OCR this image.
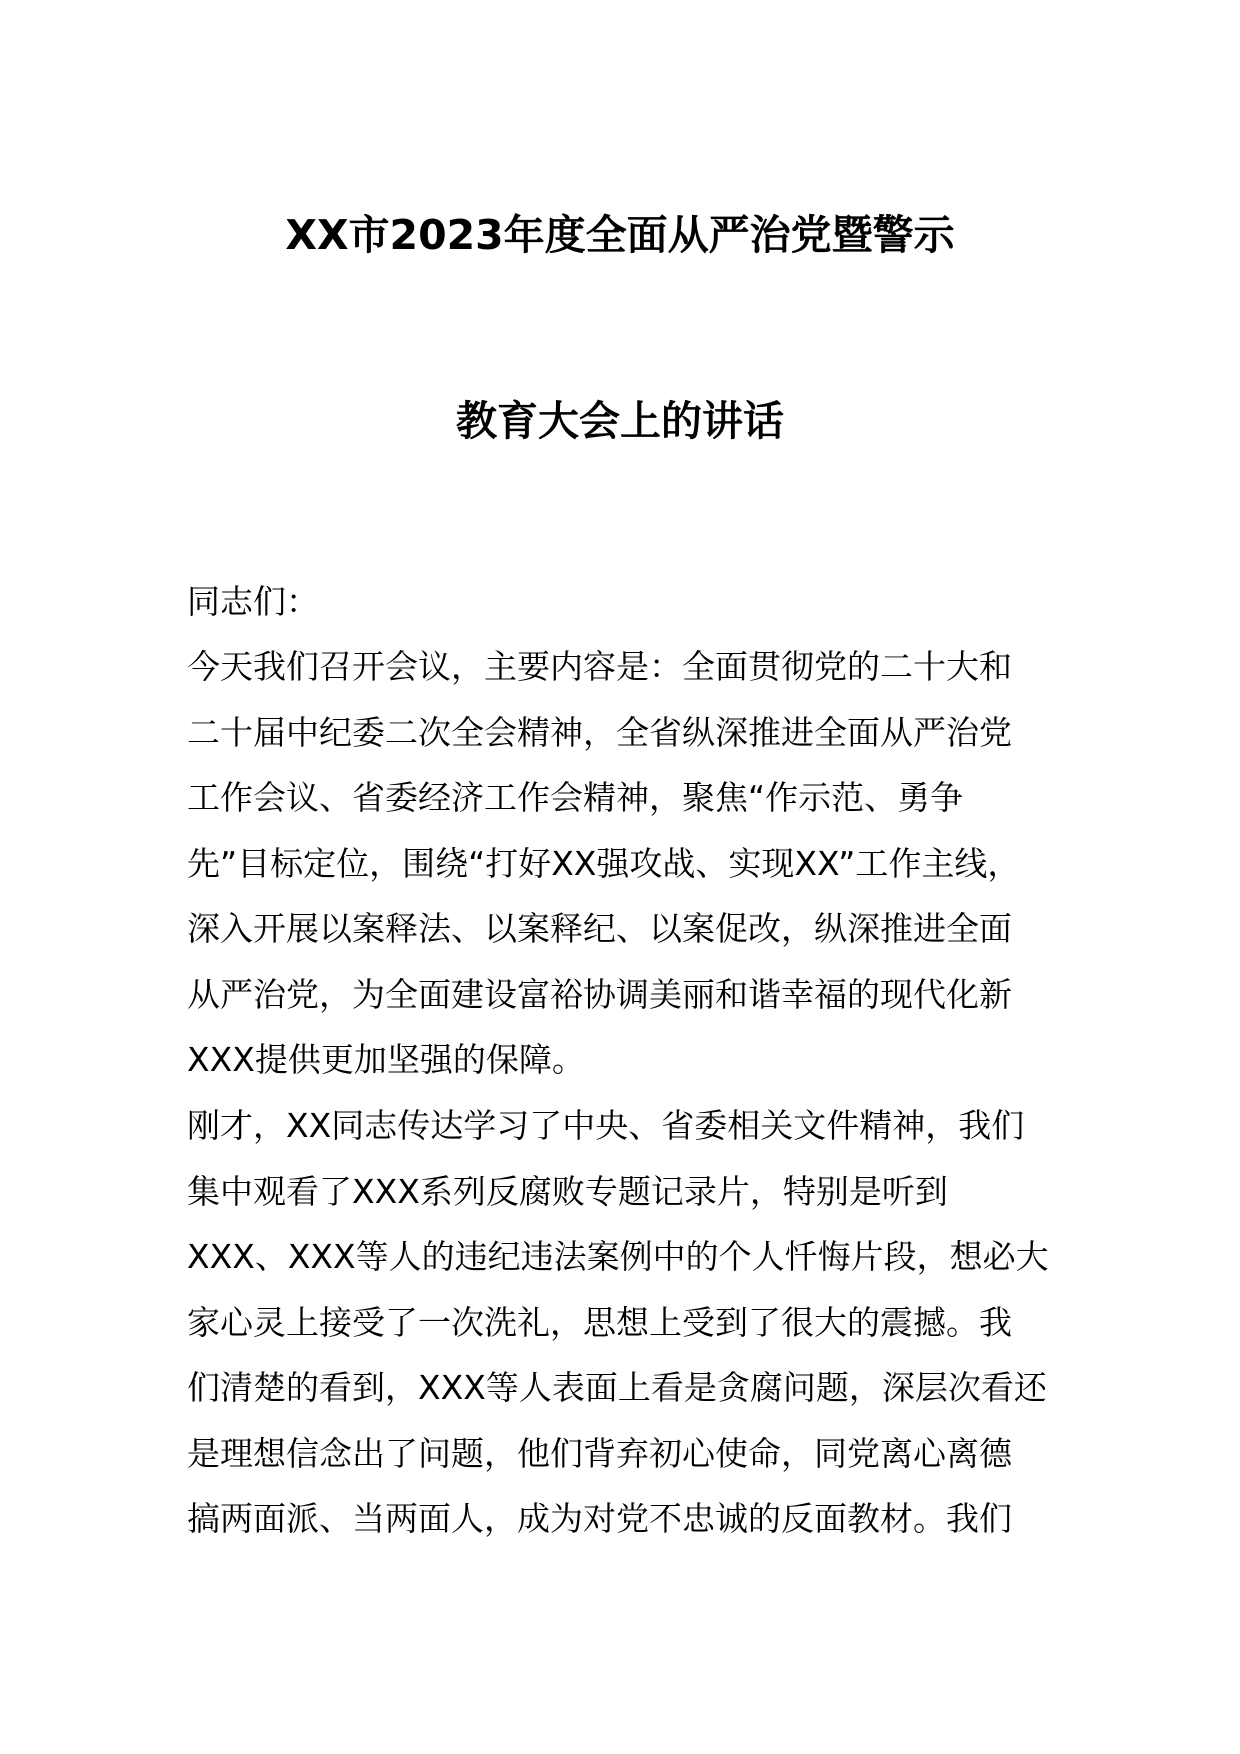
XX市2023年度全面从严治党暨警示
教育大会上的讲话
同志们：
今天我们召开会议，主要内容是：全面贯彻党的二十大和
二十届中纪委二次全会精神，全省纵深推进全面从严治党
工作会议、省委经济工作会精神，聚焦“作示范、勇争
先”目标定位，围绕“打好XX强攻战、实现XX”工作主线，
深入开展以案释法、以案释纪、以案促改，纵深推进全面
从严治党，为全面建设富裕协调美丽和谐幸福的现代化新
XXX提供更加坚强的保障。
刚才，XX同志传达学习了中央、省委相关文件精神，我们
集中观看了XXX系列反腐败专题记录片，特别是听到
XXX、XXX等人的违纪违法案例中的个人忏悔片段，想必大
家心灵上接受了一次洗礼，思想上受到了很大的震撼。我
们清楚的看到，XXX等人表面上看是贪腐问题，深层次看还
是理想信念出了问题，他们背弃初心使命，同党离心离德
搞两面派、当两面人，成为对党不忠诚的反面教材。我们
